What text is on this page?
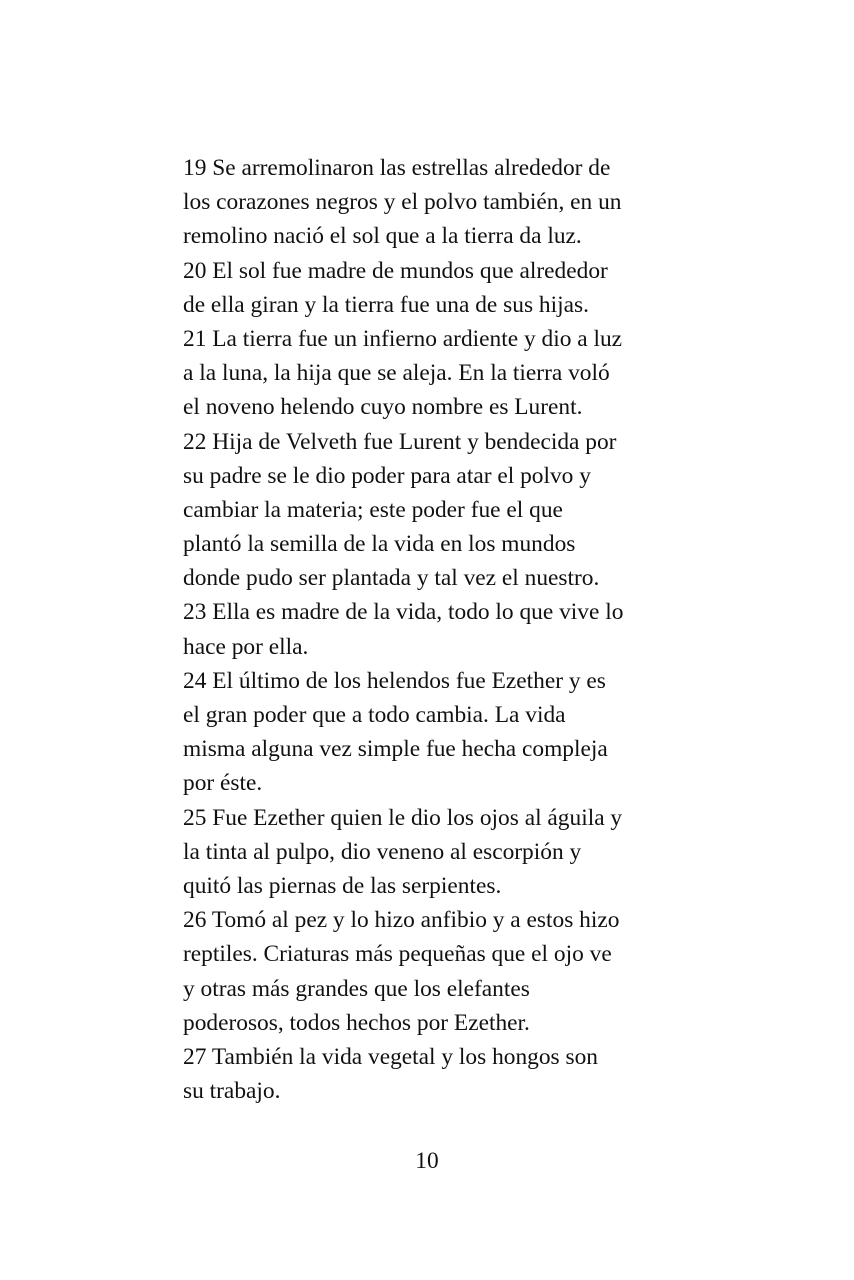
19 Se arremolinaron las estrellas alrededor de
los corazones negros y el polvo también, en un
remolino nació el sol que a la tierra da luz.
20 El sol fue madre de mundos que alrededor
de ella giran y la tierra fue una de sus hijas.
21 La tierra fue un infierno ardiente y dio a luz
a la luna, la hija que se aleja. En la tierra voló
el noveno helendo cuyo nombre es Lurent.
22 Hija de Velveth fue Lurent y bendecida por
su padre se le dio poder para atar el polvo y
cambiar la materia; este poder fue el que
plantó la semilla de la vida en los mundos
donde pudo ser plantada y tal vez el nuestro.
23 Ella es madre de la vida, todo lo que vive lo
hace por ella.
24 El último de los helendos fue Ezether y es
el gran poder que a todo cambia. La vida
misma alguna vez simple fue hecha compleja
por éste.
25 Fue Ezether quien le dio los ojos al águila y
la tinta al pulpo, dio veneno al escorpión y
quitó las piernas de las serpientes.
26 Tomó al pez y lo hizo anfibio y a estos hizo
reptiles. Criaturas más pequeñas que el ojo ve
y otras más grandes que los elefantes
poderosos, todos hechos por Ezether.
27 También la vida vegetal y los hongos son
su trabajo.
10
